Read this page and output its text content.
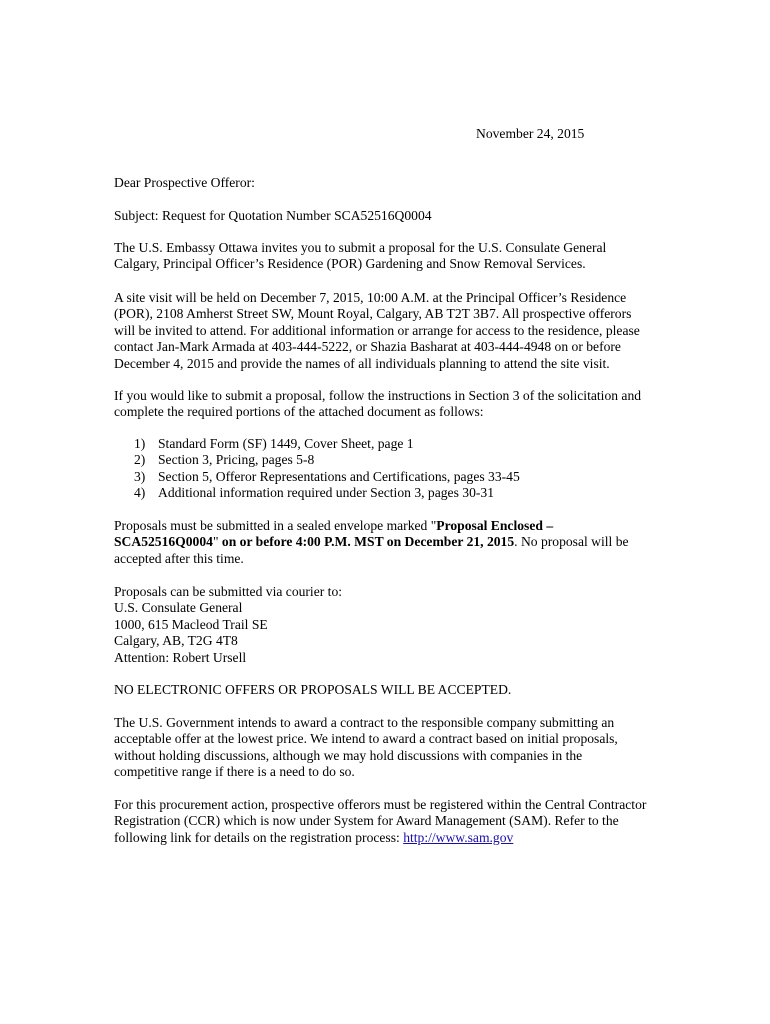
November 24, 2015
Dear Prospective Offeror:
Subject: Request for Quotation Number SCA52516Q0004
The U.S. Embassy Ottawa invites you to submit a proposal for the U.S. Consulate General
Calgary, Principal Officer’s Residence (POR) Gardening and Snow Removal Services.
A site visit will be held on December 7, 2015, 10:00 A.M. at the Principal Officer’s Residence
(POR), 2108 Amherst Street SW, Mount Royal, Calgary, AB T2T 3B7. All prospective offerors
will be invited to attend. For additional information or arrange for access to the residence, please
contact Jan-Mark Armada at 403-444-5222, or Shazia Basharat at 403-444-4948 on or before
December 4, 2015 and provide the names of all individuals planning to attend the site visit.
If you would like to submit a proposal, follow the instructions in Section 3 of the solicitation and
complete the required portions of the attached document as follows:
1) Standard Form (SF) 1449, Cover Sheet, page 1
2) Section 3, Pricing, pages 5-8
3) Section 5, Offeror Representations and Certifications, pages 33-45
4) Additional information required under Section 3, pages 30-31
Proposals must be submitted in a sealed envelope marked "Proposal Enclosed –
SCA52516Q0004" on or before 4:00 P.M. MST on December 21, 2015. No proposal will be
accepted after this time.
Proposals can be submitted via courier to:
U.S. Consulate General
1000, 615 Macleod Trail SE
Calgary, AB, T2G 4T8
Attention: Robert Ursell
NO ELECTRONIC OFFERS OR PROPOSALS WILL BE ACCEPTED.
The U.S. Government intends to award a contract to the responsible company submitting an
acceptable offer at the lowest price. We intend to award a contract based on initial proposals,
without holding discussions, although we may hold discussions with companies in the
competitive range if there is a need to do so.
For this procurement action, prospective offerors must be registered within the Central Contractor
Registration (CCR) which is now under System for Award Management (SAM). Refer to the
following link for details on the registration process: http://www.sam.gov
